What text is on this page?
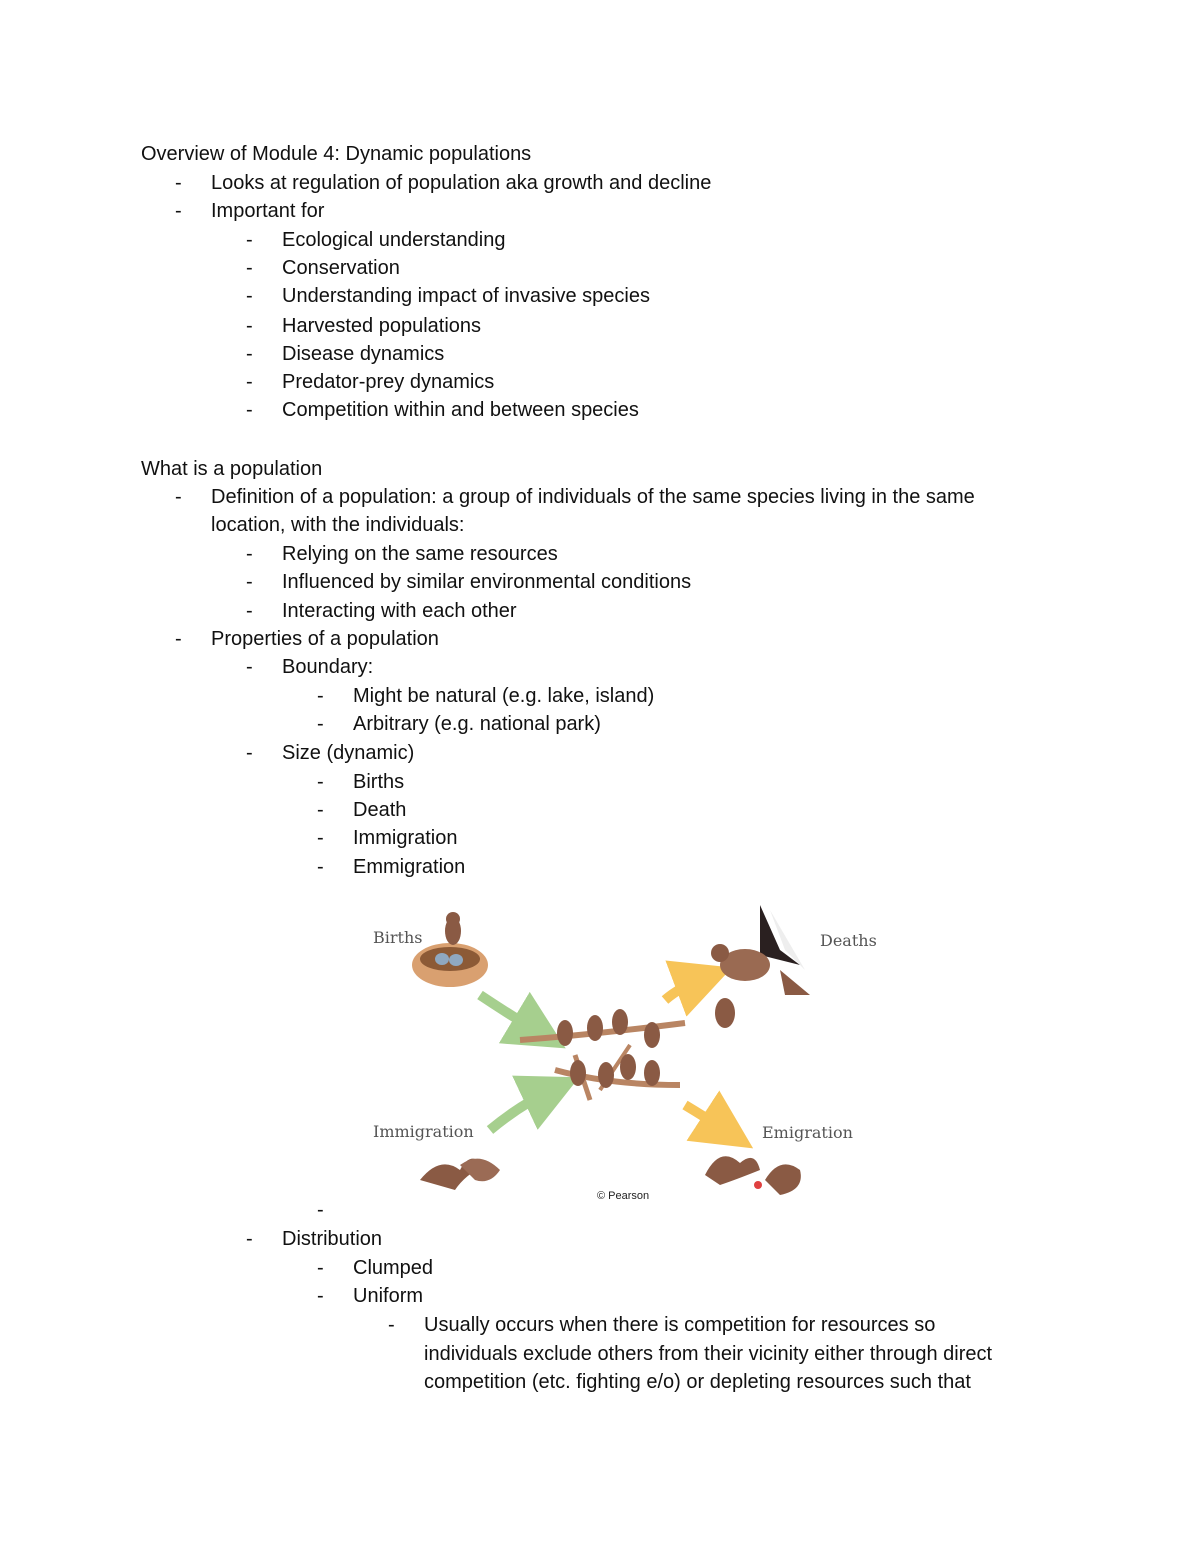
Overview of Module 4: Dynamic populations
-	Looks at regulation of population aka growth and decline
-	Important for
-	Ecological understanding
-	Conservation
-	Understanding impact of invasive species
-	Harvested populations
-	Disease dynamics
-	Predator-prey dynamics
-	Competition within and between species
What is a population
-	Definition of a population: a group of individuals of the same species living in the same
location, with the individuals:
-	Relying on the same resources
-	Influenced by similar environmental conditions
-	Interacting with each other
-	Properties of a population
-	Boundary:
-	Might be natural (e.g. lake, island)
-	Arbitrary (e.g. national park)
-	Size (dynamic)
-	Births
-	Death
-	Immigration
-	Emmigration
Births	Deaths
Immigration	Emigration
© Pearson
-
-	Distribution
-	Clumped
-	Uniform
-	Usually occurs when there is competition for resources so
individuals exclude others from their vicinity either through direct
competition (etc. fighting e/o) or depleting resources such that
